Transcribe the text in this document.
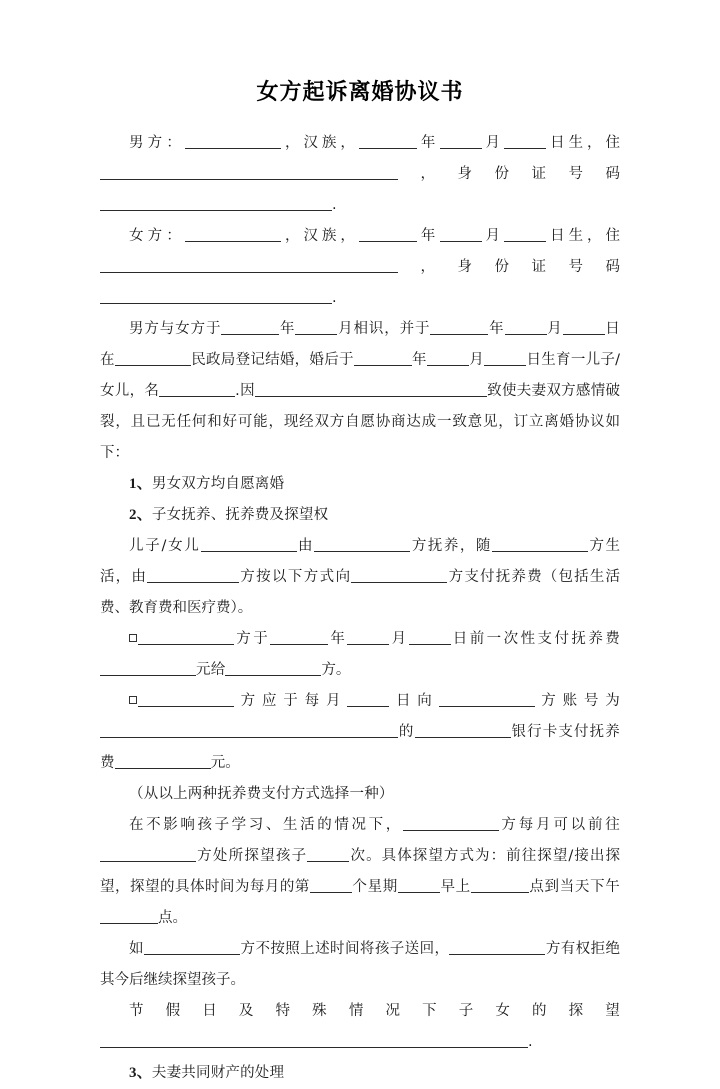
女方起诉离婚协议书

男方：	，汉族，	年	月	日生，住，身份证号码.

女方：	，汉族，	年	月	日生，住，身份证号码.

男方与女方于	年	月相识，并于	年	月	日在	民政局登记结婚，婚后于	年	月	日生育一儿子/女儿，名	.因	致使夫妻双方感情破裂，且已无任何和好可能，现经双方自愿协商达成一致意见，订立离婚协议如下：

1、男女双方均自愿离婚

2、子女抚养、抚养费及探望权

儿子/女儿	由	方抚养，随	方生活，由	方按以下方式向	方支付抚养费（包括生活费、教育费和医疗费）。

方于	年	月	日前一次性支付抚养费元给	方。

方应于每月	日向	方账号为的	银行卡支付抚养费	元。

（从以上两种抚养费支付方式选择一种）

在不影响孩子学习、生活的情况下，	方每月可以前往方处所探望孩子	次。具体探望方式为：前往探望/接出探望，探望的具体时间为每月的第	个星期	早上	点到当天下午点。

如	方不按照上述时间将孩子送回，	方有权拒绝其今后继续探望孩子。

节假日及特殊情况下子女的探望.

3、夫妻共同财产的处理
